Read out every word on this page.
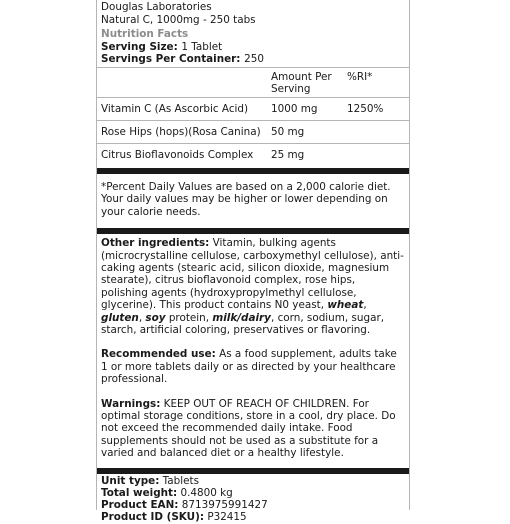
Douglas Laboratories
Natural C, 1000mg - 250 tabs
Nutrition Facts
Serving Size: 1 Tablet
Servings Per Container: 250
	Amount Per Serving	%RI*
Vitamin C (As Ascorbic Acid)	1000 mg	1250%
Rose Hips (hops)(Rosa Canina)	50 mg	
Citrus Bioflavonoids Complex	25 mg	
*Percent Daily Values are based on a 2,000 calorie diet. Your daily values may be higher or lower depending on your calorie needs.

Other ingredients: Vitamin, bulking agents (microcrystalline cellulose, carboxymethyl cellulose), anti-caking agents (stearic acid, silicon dioxide, magnesium stearate), citrus bioflavonoid complex, rose hips, polishing agents (hydroxypropylmethyl cellulose, glycerine). This product contains N0 yeast, wheat, gluten, soy protein, milk/dairy, corn, sodium, sugar, starch, artificial coloring, preservatives or flavoring.

Recommended use: As a food supplement, adults take 1 or more tablets daily or as directed by your healthcare professional.

Warnings: KEEP OUT OF REACH OF CHILDREN. For optimal storage conditions, store in a cool, dry place. Do not exceed the recommended daily intake. Food supplements should not be used as a substitute for a varied and balanced diet or a healthy lifestyle.

Unit type: Tablets
Total weight: 0.4800 kg
Product EAN: 8713975991427
Product ID (SKU): P32415
